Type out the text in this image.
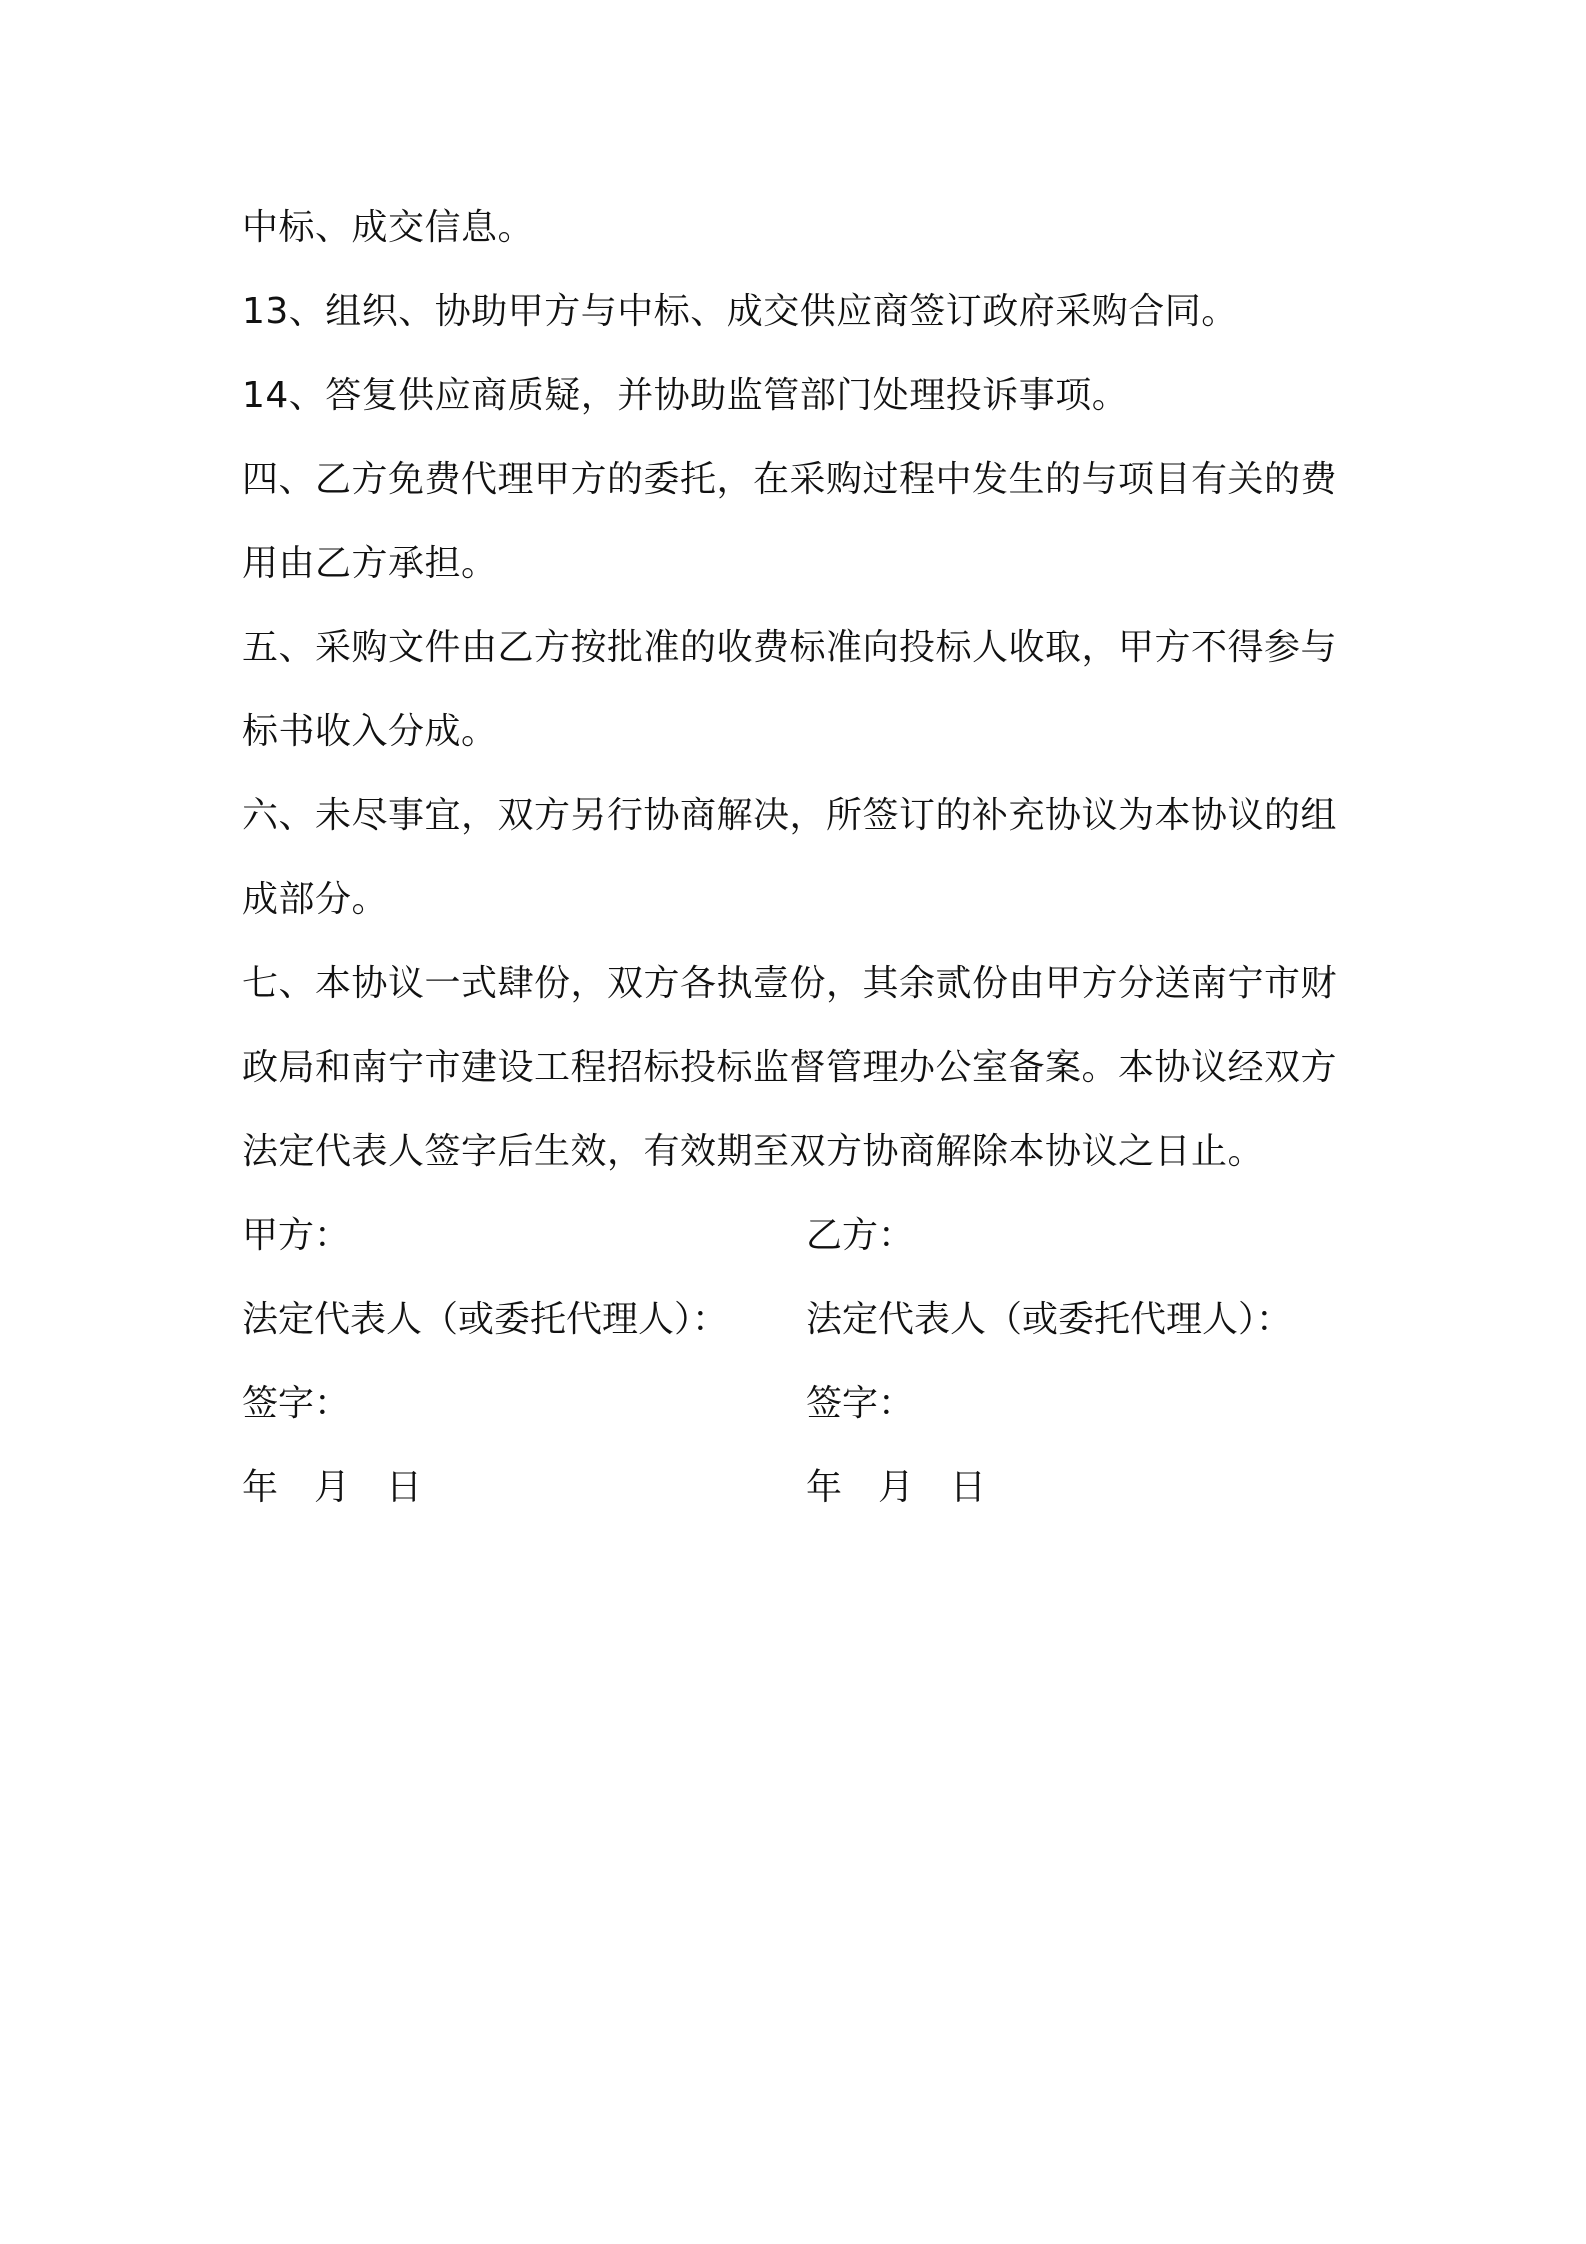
中标、成交信息。
13、组织、协助甲方与中标、成交供应商签订政府采购合同。
14、答复供应商质疑，并协助监管部门处理投诉事项。
四、乙方免费代理甲方的委托，在采购过程中发生的与项目有关的费
用由乙方承担。
五、采购文件由乙方按批准的收费标准向投标人收取，甲方不得参与
标书收入分成。
六、未尽事宜，双方另行协商解决，所签订的补充协议为本协议的组
成部分。
七、本协议一式肆份，双方各执壹份，其余贰份由甲方分送南宁市财
政局和南宁市建设工程招标投标监督管理办公室备案。本协议经双方
法定代表人签字后生效，有效期至双方协商解除本协议之日止。
甲方：	乙方：
法定代表人（或委托代理人）： 法定代表人（或委托代理人）：
签字：	签字：
年　月　日	年　月　日
